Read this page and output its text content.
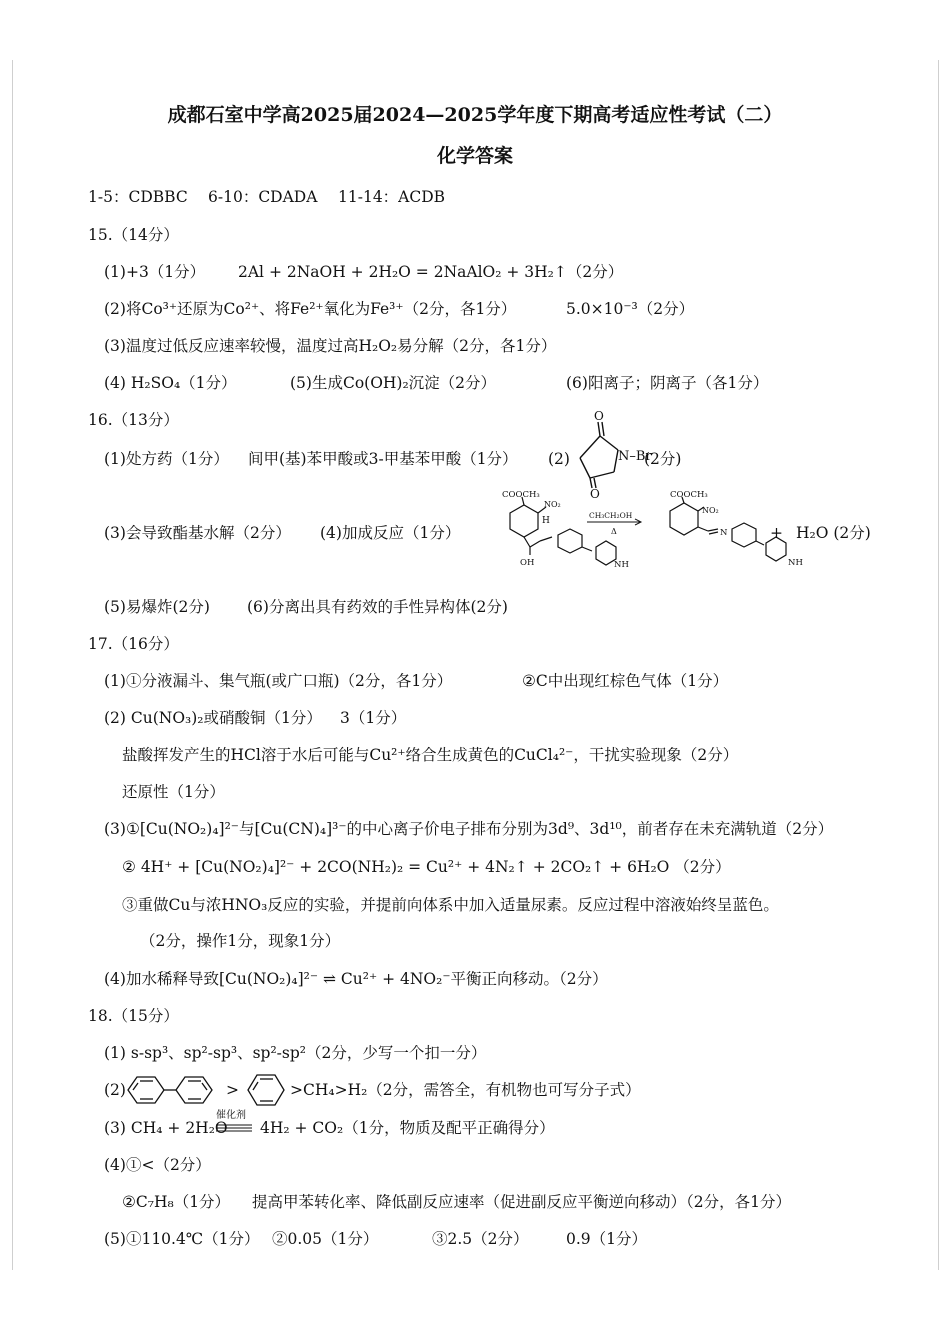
成都石室中学高2025届2024—2025学年度下期高考适应性考试（二）
化学答案
1-5：CDBBC 6-10：CDADA 11-14：ACDB
15.（14分）
(1)+3（1分） 2Al + 2NaOH + 2H₂O = 2NaAlO₂ + 3H₂↑（2分）
(2)将Co³⁺还原为Co²⁺、将Fe²⁺氧化为Fe³⁺（2分，各1分）	5.0×10⁻³（2分）
(3)温度过低反应速率较慢，温度过高H₂O₂易分解（2分，各1分）
(4) H₂SO₄（1分）	(5)生成Co(OH)₂沉淀（2分）	(6)阳离子；阴离子（各1分）
16.（13分）
(1)处方药（1分） 间甲(基)苯甲酸或3-甲基苯甲酸（1分） (2)
O
O
N–Br
(2分)
(3)会导致酯基水解（2分） (4)加成反应（1分）
COOCH₃
NO₂
H
OH	NH
CH₃CH₂OH
Δ
COOCH₃
NO₂
N
NH
+ H₂O (2分)
(5)易爆炸(2分) (6)分离出具有药效的手性异构体(2分)
17.（16分）
(1)①分液漏斗、集气瓶(或广口瓶)（2分，各1分）	②C中出现红棕色气体（1分）
(2) Cu(NO₃)₂或硝酸铜（1分） 3（1分）
盐酸挥发产生的HCl溶于水后可能与Cu²⁺络合生成黄色的CuCl₄²⁻，干扰实验现象（2分）
还原性（1分）
(3)①[Cu(NO₂)₄]²⁻与[Cu(CN)₄]³⁻的中心离子价电子排布分别为3d⁹、3d¹⁰，前者存在未充满轨道（2分）
② 4H⁺ + [Cu(NO₂)₄]²⁻ + 2CO(NH₂)₂ = Cu²⁺ + 4N₂↑ + 2CO₂↑ + 6H₂O （2分）
③重做Cu与浓HNO₃反应的实验，并提前向体系中加入适量尿素。反应过程中溶液始终呈蓝色。
（2分，操作1分，现象1分）
(4)加水稀释导致[Cu(NO₂)₄]²⁻ ⇌ Cu²⁺ + 4NO₂⁻平衡正向移动。（2分）
18.（15分）
(1) s-sp³、sp²-sp³、sp²-sp²（2分，少写一个扣一分）
(2)	>	>CH₄>H₂（2分，需答全，有机物也可写分子式）
(3) CH₄ + 2H₂O
催化剂
4H₂ + CO₂（1分，物质及配平正确得分）
(4)①<（2分）
②C₇H₈（1分） 提高甲苯转化率、降低副反应速率（促进副反应平衡逆向移动）（2分，各1分）
(5)①110.4℃（1分） ②0.05（1分）	③2.5（2分） 0.9（1分）
